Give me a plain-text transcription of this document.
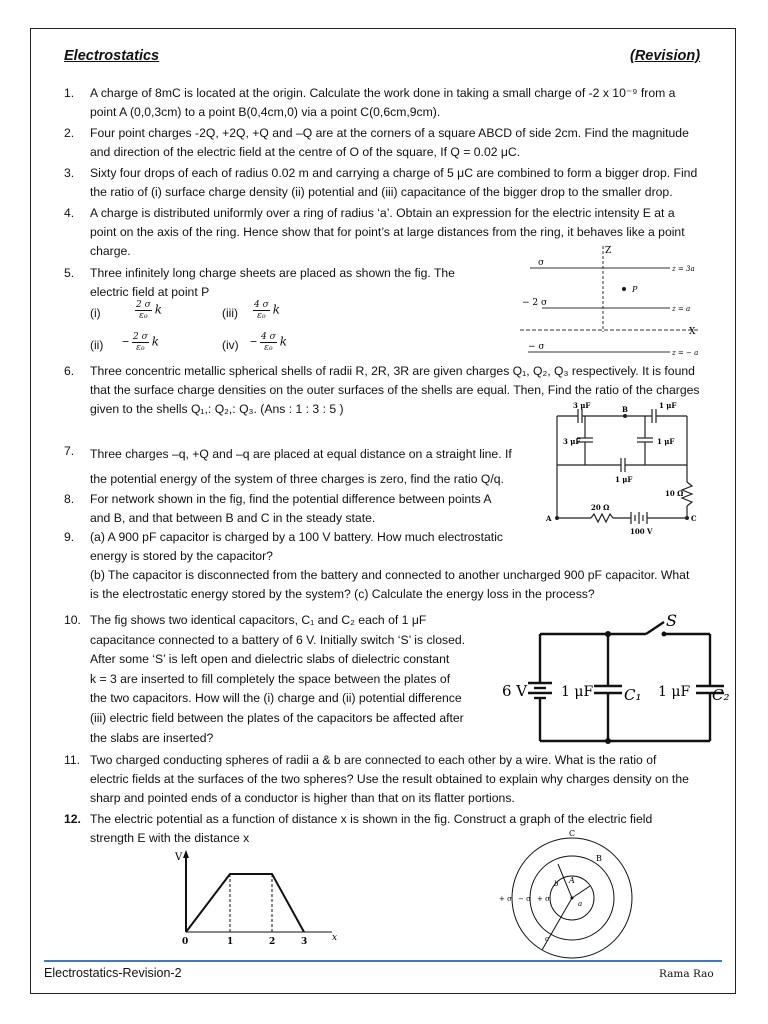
Electrostatics	(Revision)
1. A charge of 8mC is located at the origin. Calculate the work done in taking a small charge of -2 x 10⁻⁹ from a
point A (0,0,3cm) to a point B(0,4cm,0) via a point C(0,6cm,9cm).
2. Four point charges -2Q, +2Q, +Q and –Q are at the corners of a square ABCD of side 2cm. Find the magnitude
and direction of the electric field at the centre of O of the square, If Q = 0.02 μC.
3. Sixty four drops of each of radius 0.02 m and carrying a charge of 5 μC are combined to form a bigger drop. Find
the ratio of (i) surface charge density (ii) potential and (iii) capacitance of the bigger drop to the smaller drop.
4. A charge is distributed uniformly over a ring of radius ‘a’. Obtain an expression for the electric intensity E at a
point on the axis of the ring. Hence show that for point’s at large distances from the ring, it behaves like a point
charge.
5. Three infinitely long charge sheets are placed as shown the fig. The
electric field at point P
(i)	$\frac{2 \sigma}{\text{ε₀}}$ k	$(iii) \frac{4 \sigma}{\text{ε₀}}$ k
$(ii) - \frac{2 \sigma}{\text{ε₀}}$ k	$(iv) - \frac{4 \sigma}{\text{ε₀}}$ k
Z
X
P
σ
z = 3a
− 2 σ
z = a
− σ
z = − a
6. Three concentric metallic spherical shells of radii R, 2R, 3R are given charges Q₁, Q₂, Q₃ respectively. It is found
that the surface charge densities on the outer surfaces of the shells are equal. Then, Find the ratio of the charges
given to the shells Q₁,: Q₂,: Q₃. (Ans : 1 : 3 : 5 )
7. Three charges –q, +Q and –q are placed at equal distance on a straight line. If
the potential energy of the system of three charges is zero, find the ratio Q/q.
8. For network shown in the fig, find the potential difference between points A
and B, and that between B and C in the steady state.
3 μF	1 μF
3 μF	1 μF
1 μF
B
A	C
20 Ω
10 Ω
100 V
9. (a) A 900 pF capacitor is charged by a 100 V battery. How much electrostatic
energy is stored by the capacitor?
(b) The capacitor is disconnected from the battery and connected to another uncharged 900 pF capacitor. What
is the electrostatic energy stored by the system? (c) Calculate the energy loss in the process?
10. The fig shows two identical capacitors, C₁ and C₂ each of 1 μF
capacitance connected to a battery of 6 V. Initially switch ‘S’ is closed.
After some ‘S’ is left open and dielectric slabs of dielectric constant
k = 3 are inserted to fill completely the space between the plates of
the two capacitors. How will the (i) charge and (ii) potential difference
(iii) electric field between the plates of the capacitors be affected after
the slabs are inserted?
S
6 V 1 μF C₁ 1 μF C₂
11. Two charged conducting spheres of radii a & b are connected to each other by a wire. What is the ratio of
electric fields at the surfaces of the two spheres? Use the result obtained to explain why charges density on the
sharp and pointed ends of a conductor is higher than that on its flatter portions.
12. The electric potential as a function of distance x is shown in the fig. Construct a graph of the electric field
strength E with the distance x
V
x
0	1	2	3
C
B
A
b
a
c
+ σ − σ + σ
Electrostatics-Revision-2	Rama Rao
